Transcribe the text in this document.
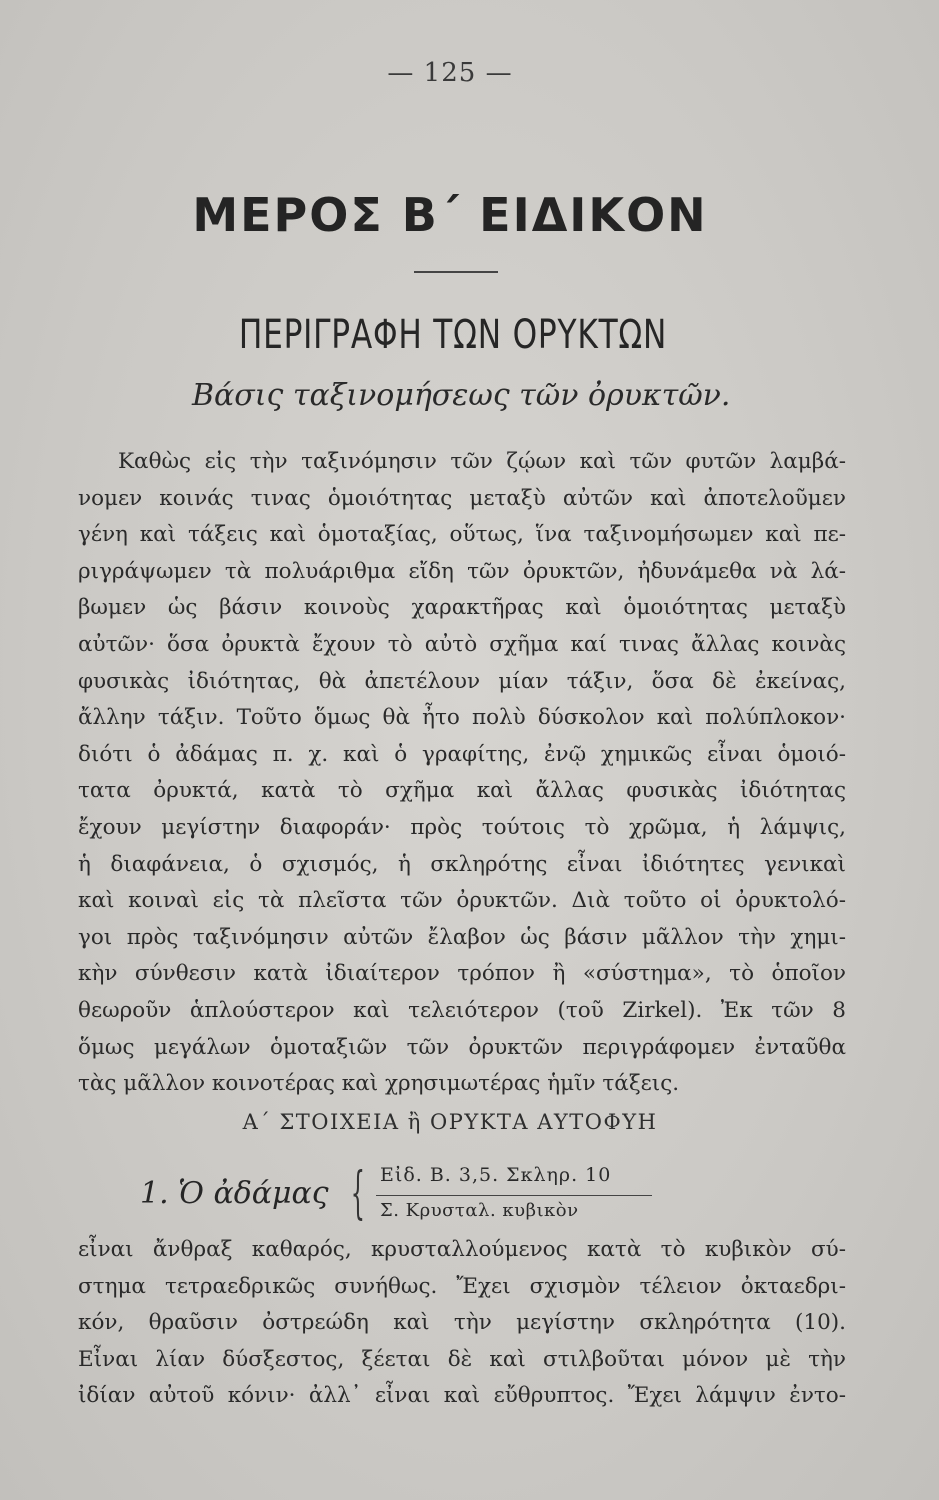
— 125 —
ΜΕΡΟΣ Β΄ ΕΙΔΙΚΟΝ
ΠΕΡΙΓΡΑΦΗ ΤΩΝ ΟΡΥΚΤΩΝ
Βάσις ταξινομήσεως τῶν ὀρυκτῶν.
Καθὼς εἰς τὴν ταξινόμησιν τῶν ζῴων καὶ τῶν φυτῶν λαμβά-
νομεν κοινάς τινας ὁμοιότητας μεταξὺ αὐτῶν καὶ ἀποτελοῦμεν
γένη καὶ τάξεις καὶ ὁμοταξίας, οὕτως, ἵνα ταξινομήσωμεν καὶ πε-
ριγράψωμεν τὰ πολυάριθμα εἴδη τῶν ὀρυκτῶν, ἠδυνάμεθα νὰ λά-
βωμεν ὡς βάσιν κοινοὺς χαρακτῆρας καὶ ὁμοιότητας μεταξὺ
αὐτῶν· ὅσα ὀρυκτὰ ἔχουν τὸ αὐτὸ σχῆμα καί τινας ἄλλας κοινὰς
φυσικὰς ἰδιότητας, θὰ ἀπετέλουν μίαν τάξιν, ὅσα δὲ ἐκείνας,
ἄλλην τάξιν. Τοῦτο ὅμως θὰ ἦτο πολὺ δύσκολον καὶ πολύπλοκον·
διότι ὁ ἀδάμας π. χ. καὶ ὁ γραφίτης, ἐνῷ χημικῶς εἶναι ὁμοιό-
τατα ὀρυκτά, κατὰ τὸ σχῆμα καὶ ἄλλας φυσικὰς ἰδιότητας
ἔχουν μεγίστην διαφοράν· πρὸς τούτοις τὸ χρῶμα, ἡ λάμψις,
ἡ διαφάνεια, ὁ σχισμός, ἡ σκληρότης εἶναι ἰδιότητες γενικαὶ
καὶ κοιναὶ εἰς τὰ πλεῖστα τῶν ὀρυκτῶν. Διὰ τοῦτο οἱ ὀρυκτολό-
γοι πρὸς ταξινόμησιν αὐτῶν ἔλαβον ὡς βάσιν μᾶλλον τὴν χημι-
κὴν σύνθεσιν κατὰ ἰδιαίτερον τρόπον ἢ «σύστημα», τὸ ὁποῖον
θεωροῦν ἁπλούστερον καὶ τελειότερον (τοῦ Zirkel). Ἐκ τῶν 8
ὅμως μεγάλων ὁμοταξιῶν τῶν ὀρυκτῶν περιγράφομεν ἐνταῦθα
τὰς μᾶλλον κοινοτέρας καὶ χρησιμωτέρας ἡμῖν τάξεις.
Α΄ ΣΤΟΙΧΕΙΑ ἢ ΟΡΥΚΤΑ ΑΥΤΟΦΥΗ
1. Ὁ ἀδάμας { Εἰδ. Β. 3,5. Σκληρ. 10
Σ. Κρυσταλ. κυβικὸν
εἶναι ἄνθραξ καθαρός, κρυσταλλούμενος κατὰ τὸ κυβικὸν σύ-
στημα τετραεδρικῶς συνήθως. Ἔχει σχισμὸν τέλειον ὀκταεδρι-
κόν, θραῦσιν ὀστρεώδη καὶ τὴν μεγίστην σκληρότητα (10).
Εἶναι λίαν δύσξεστος, ξέεται δὲ καὶ στιλβοῦται μόνον μὲ τὴν
ἰδίαν αὐτοῦ κόνιν· ἀλλ᾿ εἶναι καὶ εὔθρυπτος. Ἔχει λάμψιν ἐντο-
